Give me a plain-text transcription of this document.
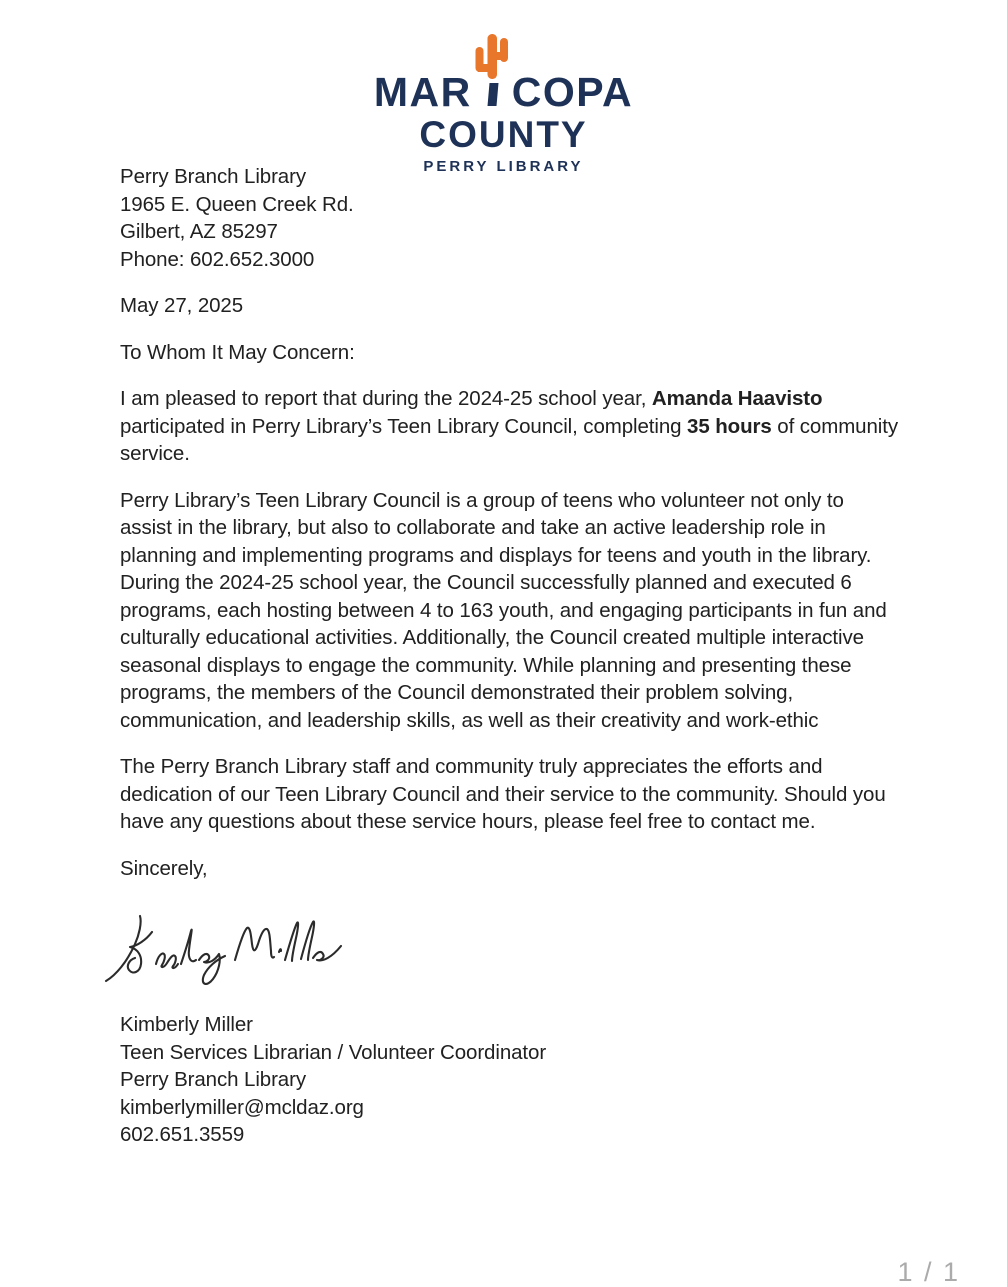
MAR COPA
COUNTY
PERRY LIBRARY
Perry Branch Library
1965 E. Queen Creek Rd.
Gilbert, AZ 85297
Phone: 602.652.3000

May 27, 2025

To Whom It May Concern:

I am pleased to report that during the 2024-25 school year, Amanda Haavisto participated in Perry Library’s Teen Library Council, completing 35 hours of community service.

Perry Library’s Teen Library Council is a group of teens who volunteer not only to assist in the library, but also to collaborate and take an active leadership role in planning and implementing programs and displays for teens and youth in the library. During the 2024-25 school year, the Council successfully planned and executed 6 programs, each hosting between 4 to 163 youth, and engaging participants in fun and culturally educational activities. Additionally, the Council created multiple interactive seasonal displays to engage the community. While planning and presenting these programs, the members of the Council demonstrated their problem solving, communication, and leadership skills, as well as their creativity and work-ethic

The Perry Branch Library staff and community truly appreciates the efforts and dedication of our Teen Library Council and their service to the community. Should you have any questions about these service hours, please feel free to contact me.

Sincerely,

Kimberly Miller
Teen Services Librarian / Volunteer Coordinator
Perry Branch Library
kimberlymiller@mcldaz.org
602.651.3559
1 / 1
